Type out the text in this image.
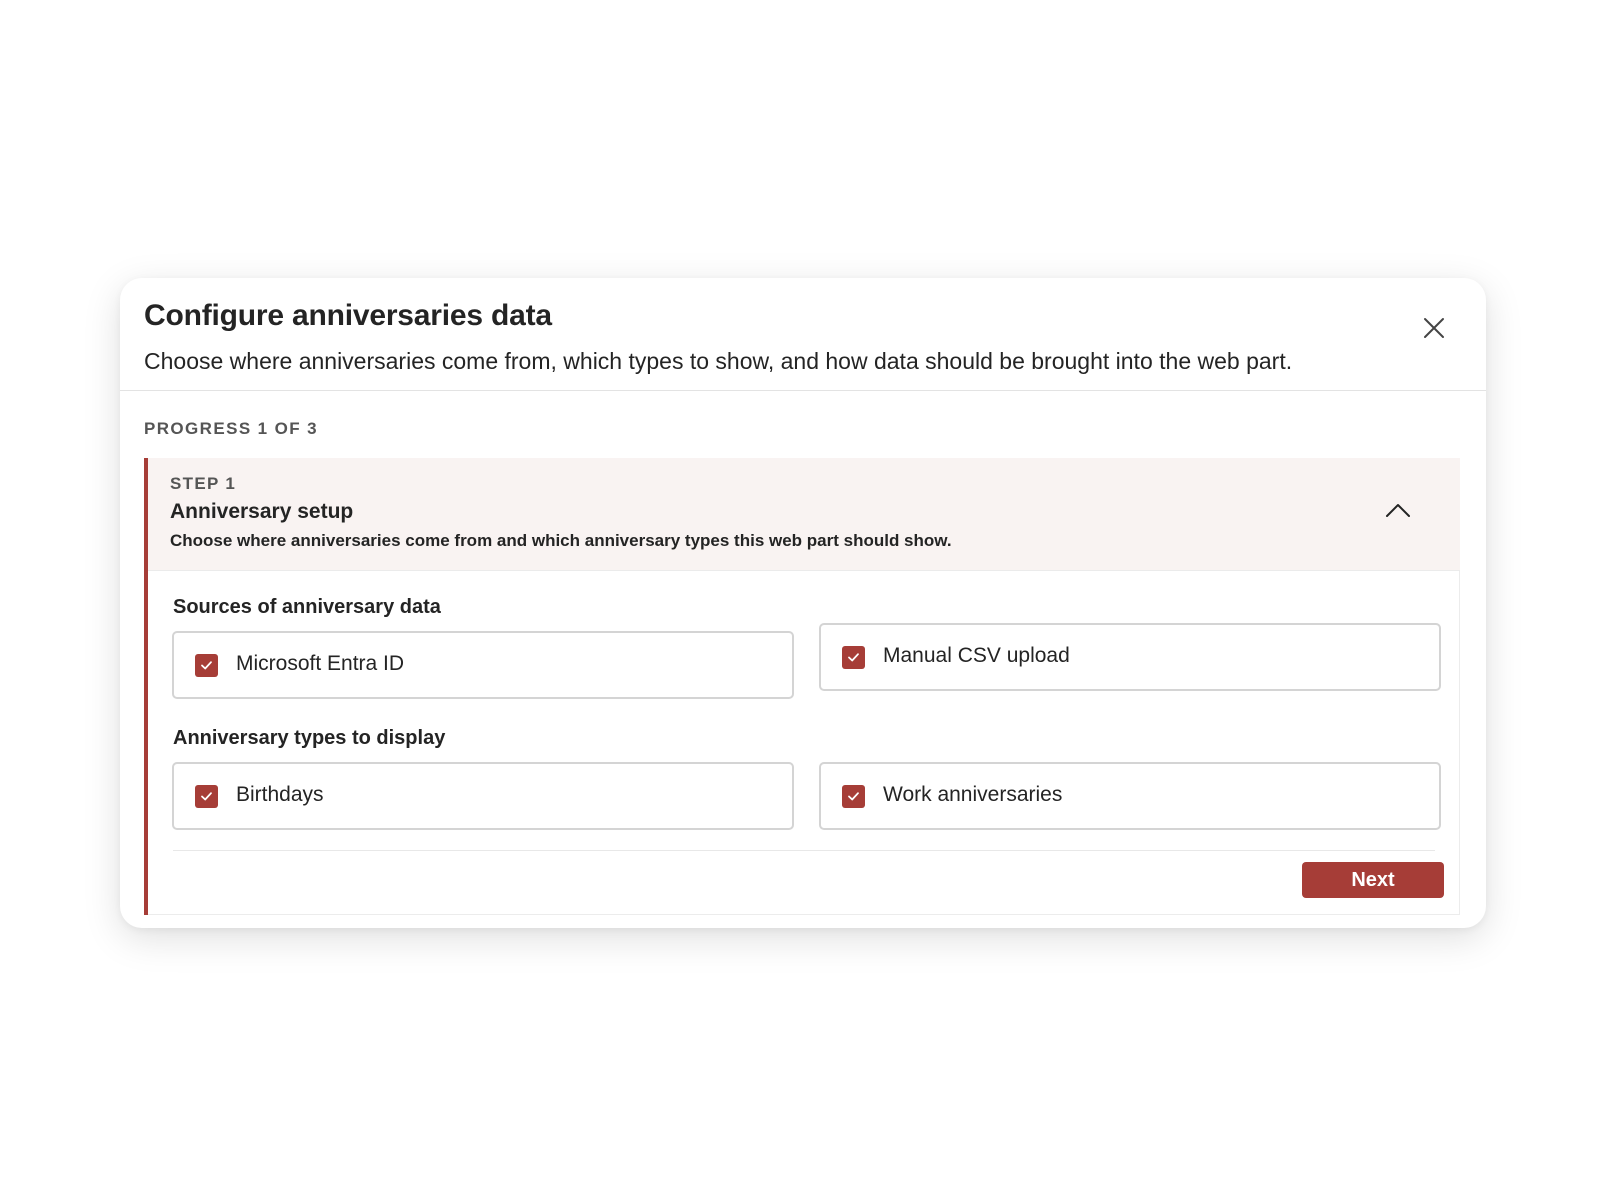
Configure anniversaries data

Choose where anniversaries come from, which types to show, and how data should be brought into the web part.

PROGRESS 1 OF 3
STEP 1
Anniversary setup
Choose where anniversaries come from and which anniversary types this web part should show.
Sources of anniversary data
Microsoft Entra ID	Manual CSV upload
Anniversary types to display
Birthdays	Work anniversaries
Next
